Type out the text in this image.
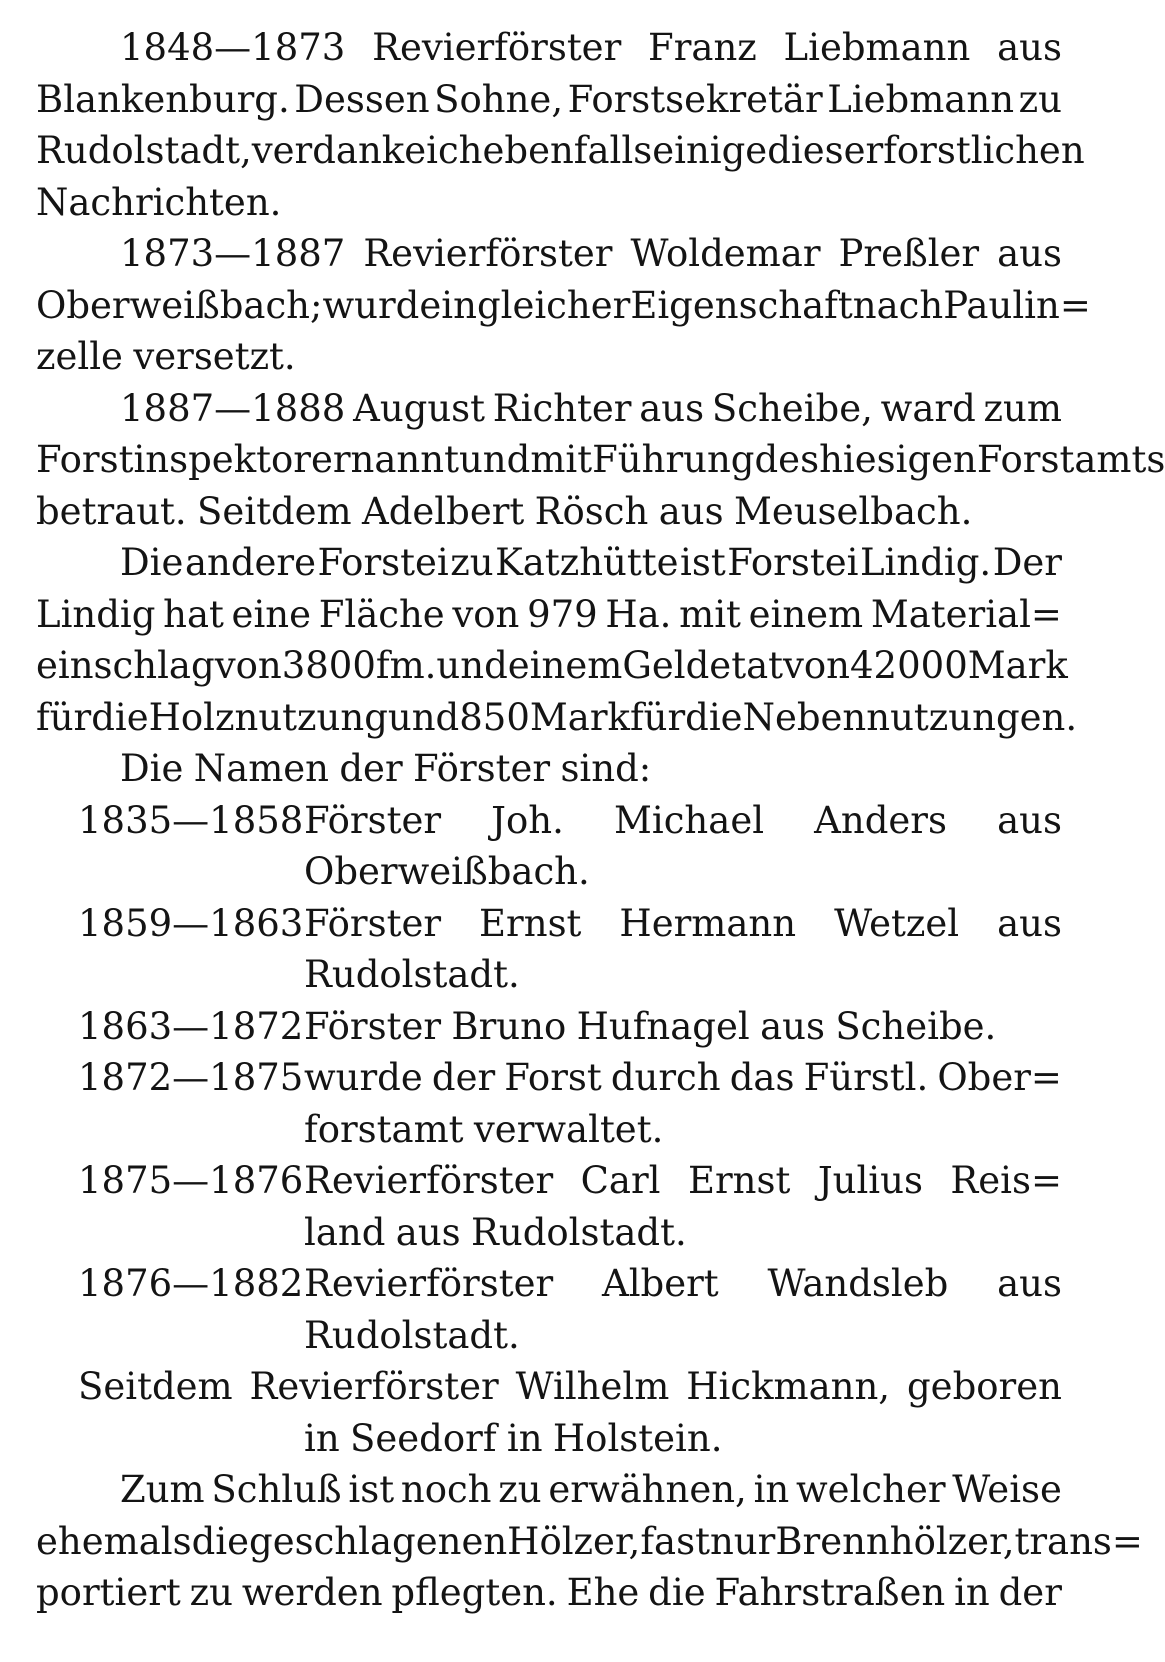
1848—1873 Revierförster Franz Liebmann aus
Blankenburg. Dessen Sohne, Forstsekretär Liebmann zu
Rudolstadt, verdanke ich ebenfalls einige dieser forstlichen
Nachrichten.
1873—1887 Revierförster Woldemar Preßler aus
Oberweißbach; wurde in gleicher Eigenschaft nach Paulin=
zelle versetzt.
1887—1888 August Richter aus Scheibe, ward zum
Forstinspektor ernannt und mit Führung des hiesigen Forstamts
betraut. Seitdem Adelbert Rösch aus Meuselbach.
Die andere Forstei zu Katzhütte ist Forstei Lindig. Der
Lindig hat eine Fläche von 979 Ha. mit einem Material=
einschlag von 3800 fm. und einem Geldetat von 42 000 Mark
für die Holznutzung und 850 Mark für die Nebennutzungen.
Die Namen der Förster sind:
1835—1858 Förster Joh. Michael Anders aus
Oberweißbach.
1859—1863 Förster Ernst Hermann Wetzel aus
Rudolstadt.
1863—1872 Förster Bruno Hufnagel aus Scheibe.
1872—1875 wurde der Forst durch das Fürstl. Ober=
forstamt verwaltet.
1875—1876 Revierförster Carl Ernst Julius Reis=
land aus Rudolstadt.
1876—1882 Revierförster Albert Wandsleb aus
Rudolstadt.
Seitdem Revierförster Wilhelm Hickmann, geboren
in Seedorf in Holstein.
Zum Schluß ist noch zu erwähnen, in welcher Weise
ehemals die geschlagenen Hölzer, fast nur Brennhölzer, trans=
portiert zu werden pflegten. Ehe die Fahrstraßen in der
